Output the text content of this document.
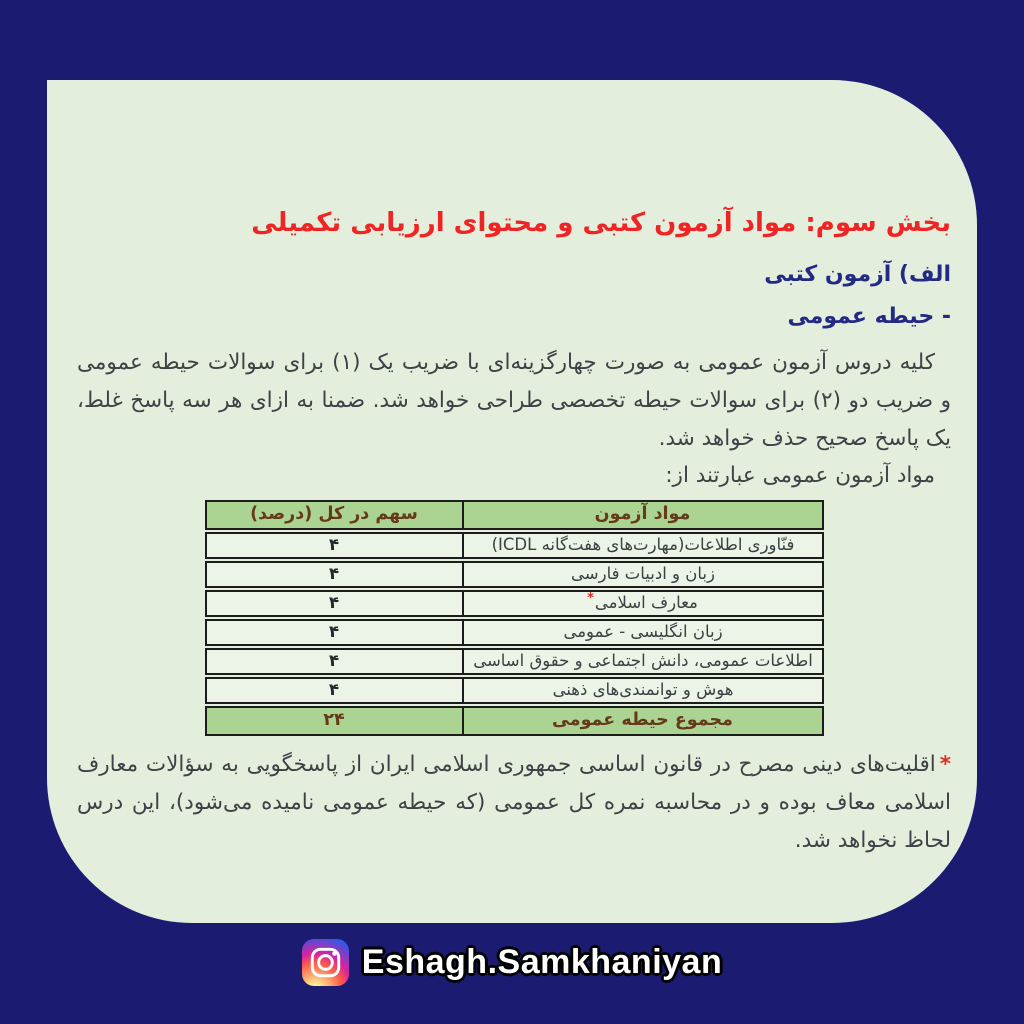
بخش سوم: مواد آزمون کتبی و محتوای ارزیابی تکمیلی
الف) آزمون کتبی
- حیطه عمومی

کلیه دروس آزمون عمومی به صورت چهارگزینه‌ای با ضریب یک (۱) برای سوالات حیطه عمومی و ضریب دو (۲) برای سوالات حیطه تخصصی طراحی خواهد شد. ضمنا به ازای هر سه پاسخ غلط، یک پاسخ صحیح حذف خواهد شد.

مواد آزمون عمومی عبارتند از:

مواد آزمون
سهم در کل (درصد)
فنّاوری اطلاعات(مهارت‌های هفت‌گانه ICDL)
۴
زبان و ادبیات فارسی
۴
معارف اسلامی
*
۴
زبان انگلیسی - عمومی
۴
اطلاعات عمومی، دانش اجتماعی و حقوق اساسی
۴
هوش و توانمندی‌های ذهنی
۴
مجموع حیطه عمومی
۲۴

*اقلیت‌های دینی مصرح در قانون اساسی جمهوری اسلامی ایران از پاسخگویی به سؤالات معارف اسلامی معاف بوده و در محاسبه نمره کل عمومی (که حیطه عمومی نامیده می‌شود)، این درس لحاظ نخواهد شد.

Eshagh.Samkhaniyan
